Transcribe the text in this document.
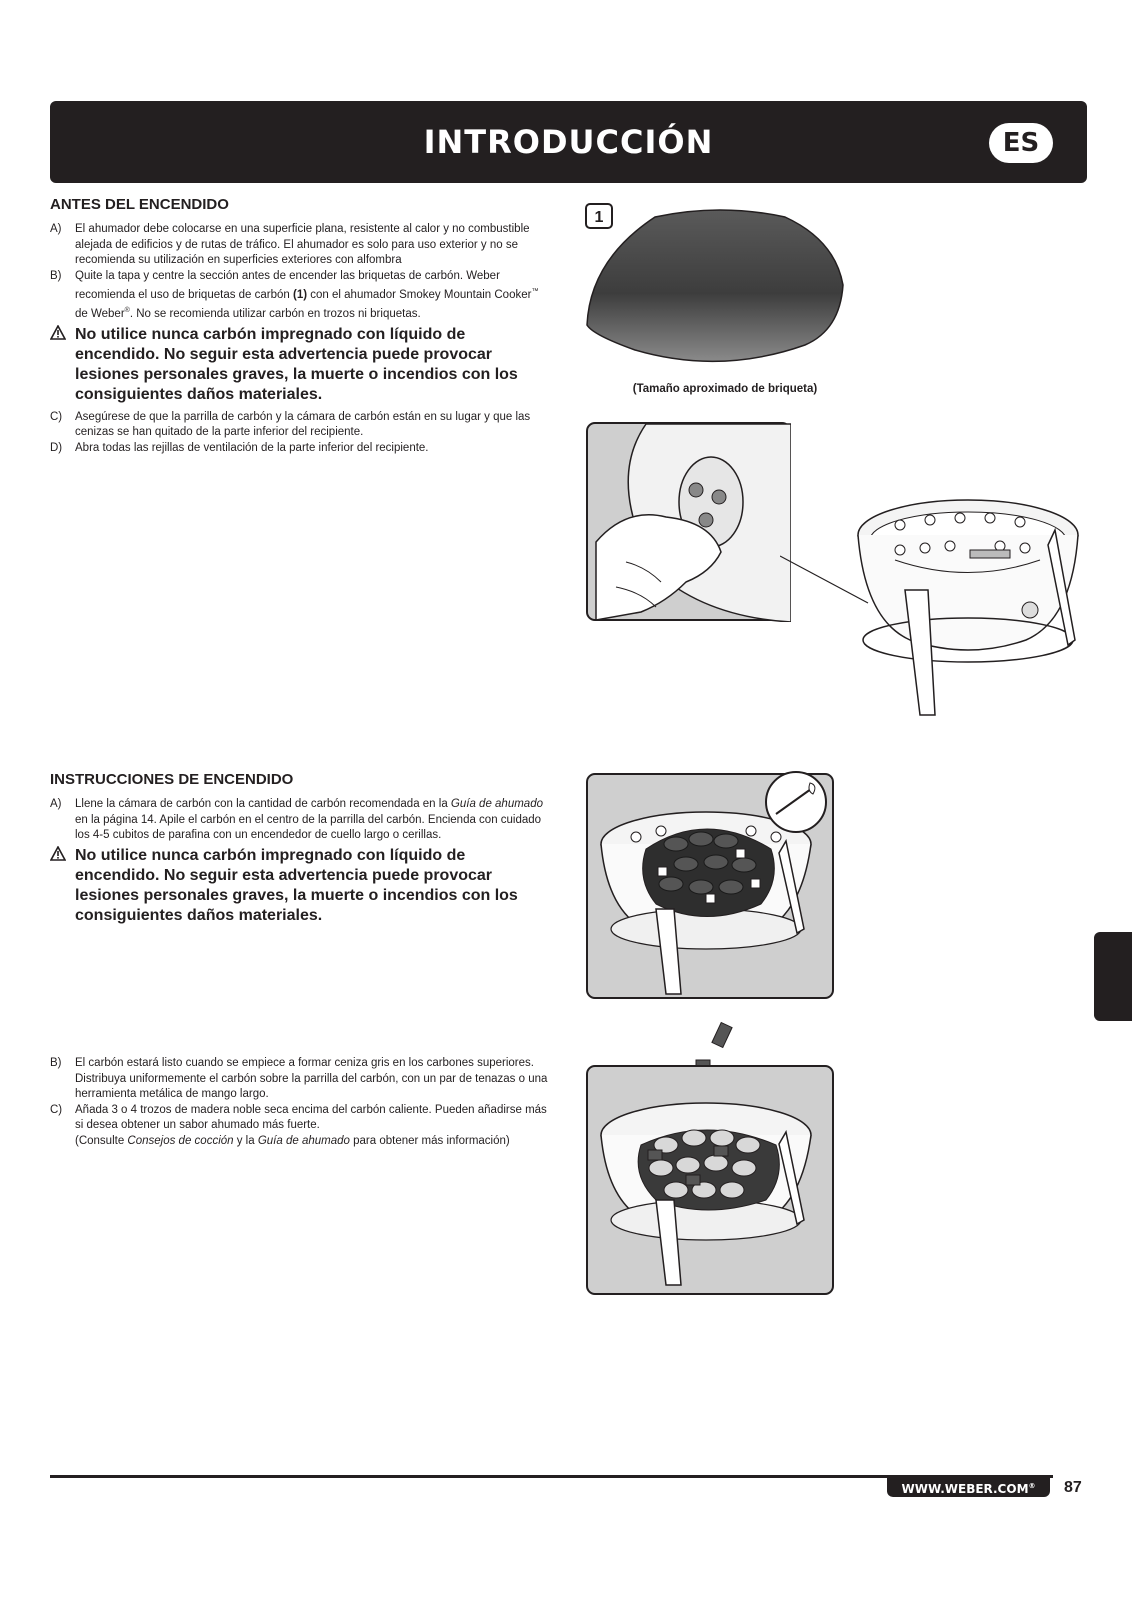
INTRODUCCIÓN	ES
ANTES DEL ENCENDIDO
A)	El ahumador debe colocarse en una superficie plana, resistente al calor y no combustible alejada de edificios y de rutas de tráfico. El ahumador es solo para uso exterior y no se recomienda su utilización en superficies exteriores con alfombra
B)	Quite la tapa y centre la sección antes de encender las briquetas de carbón. Weber recomienda el uso de briquetas de carbón (1) con el ahumador Smokey Mountain Cooker™ de Weber®. No se recomienda utilizar carbón en trozos ni briquetas.
No utilice nunca carbón impregnado con líquido de encendido. No seguir esta advertencia puede provocar lesiones personales graves, la muerte o incendios con los consiguientes daños materiales.
C)	Asegúrese de que la parrilla de carbón y la cámara de carbón están en su lugar y que las cenizas se han quitado de la parte inferior del recipiente.
D)	Abra todas las rejillas de ventilación de la parte inferior del recipiente.
1
(Tamaño aproximado de briqueta)
INSTRUCCIONES DE ENCENDIDO
A)	Llene la cámara de carbón con la cantidad de carbón recomendada en la Guía de ahumado en la página 14. Apile el carbón en el centro de la parrilla del carbón. Encienda con cuidado los 4-5 cubitos de parafina con un encendedor de cuello largo o cerillas.
No utilice nunca carbón impregnado con líquido de encendido. No seguir esta advertencia puede provocar lesiones personales graves, la muerte o incendios con los consiguientes daños materiales.
B)	El carbón estará listo cuando se empiece a formar ceniza gris en los carbones superiores. Distribuya uniformemente el carbón sobre la parrilla del carbón, con un par de tenazas o una herramienta metálica de mango largo.
C)	Añada 3 o 4 trozos de madera noble seca encima del carbón caliente. Pueden añadirse más si desea obtener un sabor ahumado más fuerte.
(Consulte Consejos de cocción y la Guía de ahumado para obtener más información)
WWW.WEBER.COM®	87
